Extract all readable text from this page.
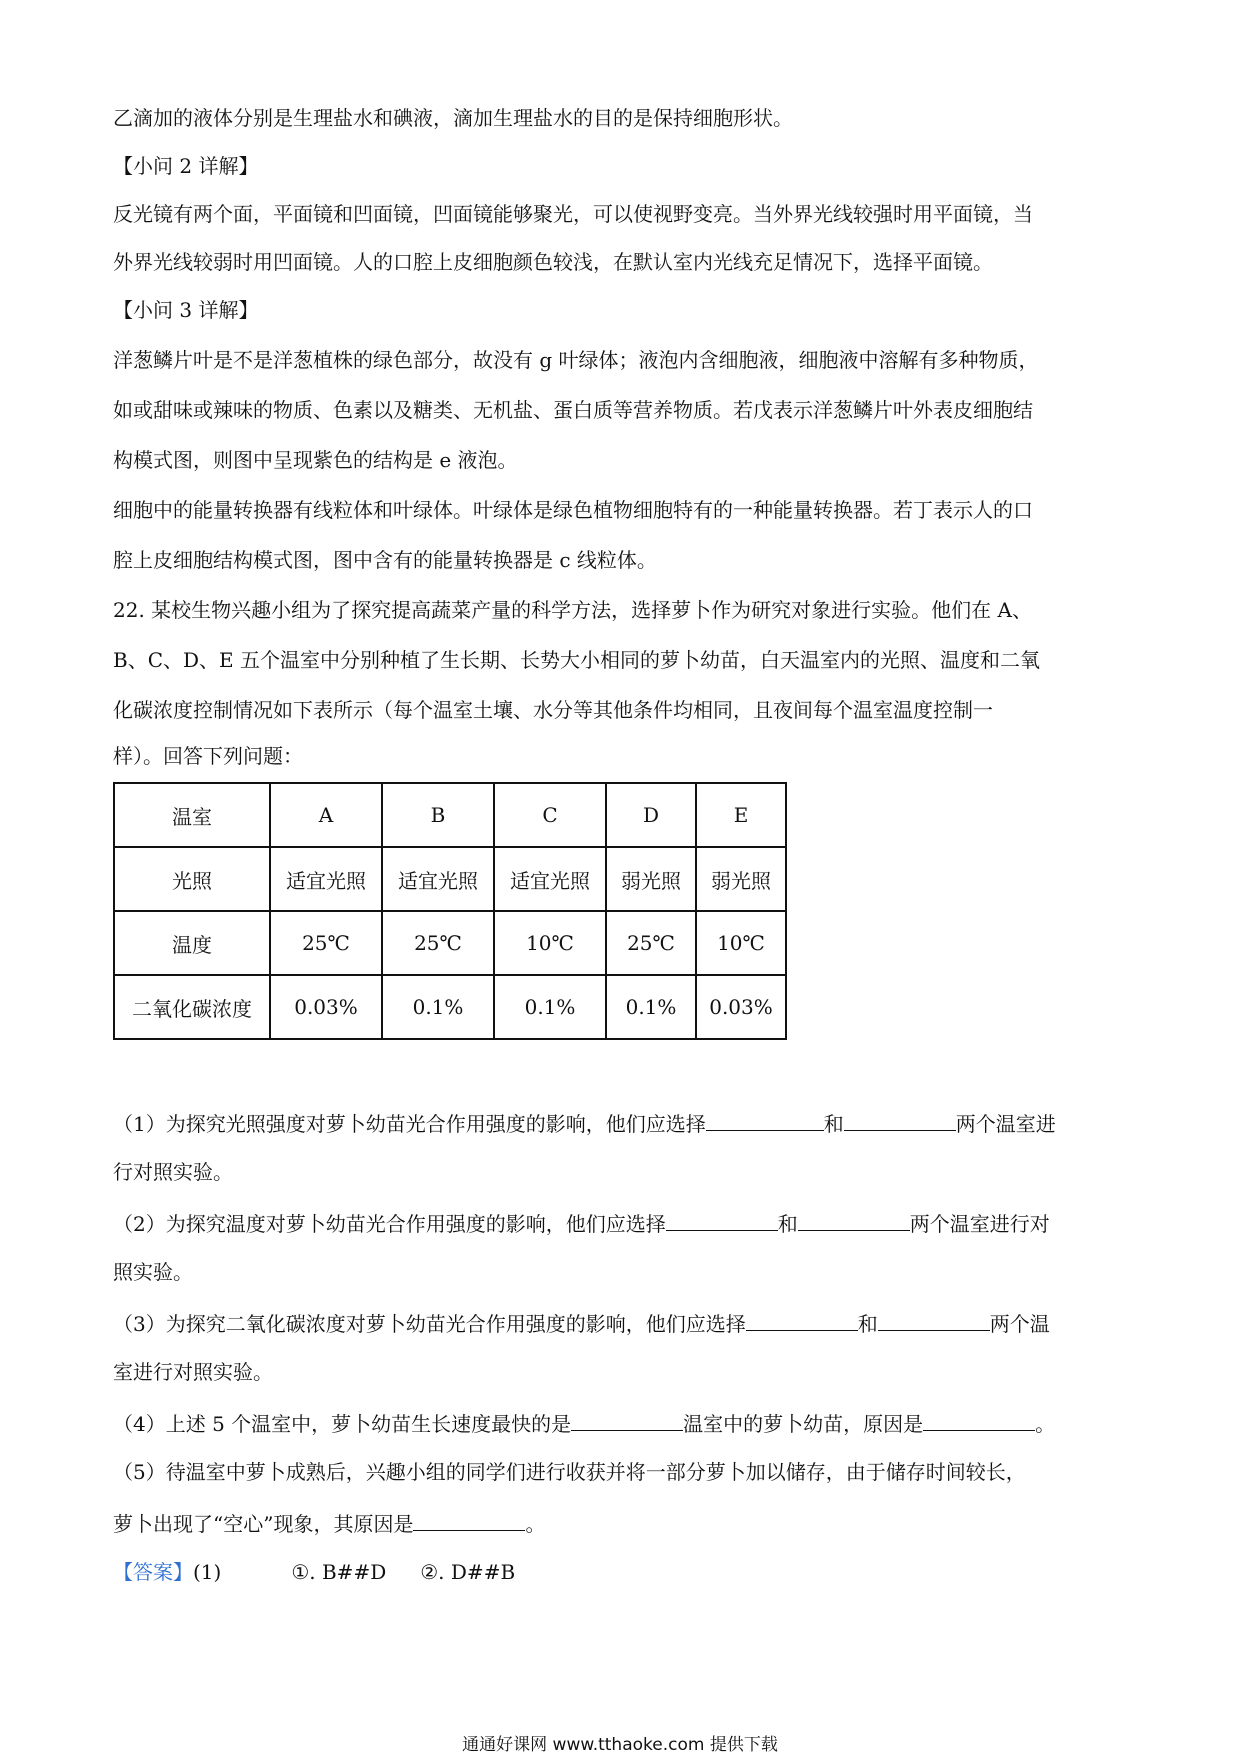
乙滴加的液体分别是生理盐水和碘液，滴加生理盐水的目的是保持细胞形状。
【小问 2 详解】
反光镜有两个面，平面镜和凹面镜，凹面镜能够聚光，可以使视野变亮。当外界光线较强时用平面镜，当
外界光线较弱时用凹面镜。人的口腔上皮细胞颜色较浅，在默认室内光线充足情况下，选择平面镜。
【小问 3 详解】
洋葱鳞片叶是不是洋葱植株的绿色部分，故没有 g 叶绿体；液泡内含细胞液，细胞液中溶解有多种物质，
如或甜味或辣味的物质、色素以及糖类、无机盐、蛋白质等营养物质。若戊表示洋葱鳞片叶外表皮细胞结
构模式图，则图中呈现紫色的结构是 e 液泡。
细胞中的能量转换器有线粒体和叶绿体。叶绿体是绿色植物细胞特有的一种能量转换器。若丁表示人的口
腔上皮细胞结构模式图，图中含有的能量转换器是 c 线粒体。
22. 某校生物兴趣小组为了探究提高蔬菜产量的科学方法，选择萝卜作为研究对象进行实验。他们在 A、
B、C、D、E 五个温室中分别种植了生长期、长势大小相同的萝卜幼苗，白天温室内的光照、温度和二氧
化碳浓度控制情况如下表所示（每个温室土壤、水分等其他条件均相同，且夜间每个温室温度控制一
样）。回答下列问题：
温室	A	B	C	D	E
光照	适宜光照	适宜光照	适宜光照	弱光照	弱光照
温度	25℃	25℃	10℃	25℃	10℃
二氧化碳浓度	0.03%	0.1%	0.1%	0.1%	0.03%
（1）为探究光照强度对萝卜幼苗光合作用强度的影响，他们应选择	和	两个温室进
行对照实验。
（2）为探究温度对萝卜幼苗光合作用强度的影响，他们应选择	和	两个温室进行对
照实验。
（3）为探究二氧化碳浓度对萝卜幼苗光合作用强度的影响，他们应选择	和	两个温
室进行对照实验。
（4）上述 5 个温室中，萝卜幼苗生长速度最快的是	温室中的萝卜幼苗，原因是	。
（5）待温室中萝卜成熟后，兴趣小组的同学们进行收获并将一部分萝卜加以储存，由于储存时间较长，
萝卜出现了“空心”现象，其原因是	。
【答案】(1)	①. B##D ②. D##B
通通好课网 www.tthaoke.com 提供下载
